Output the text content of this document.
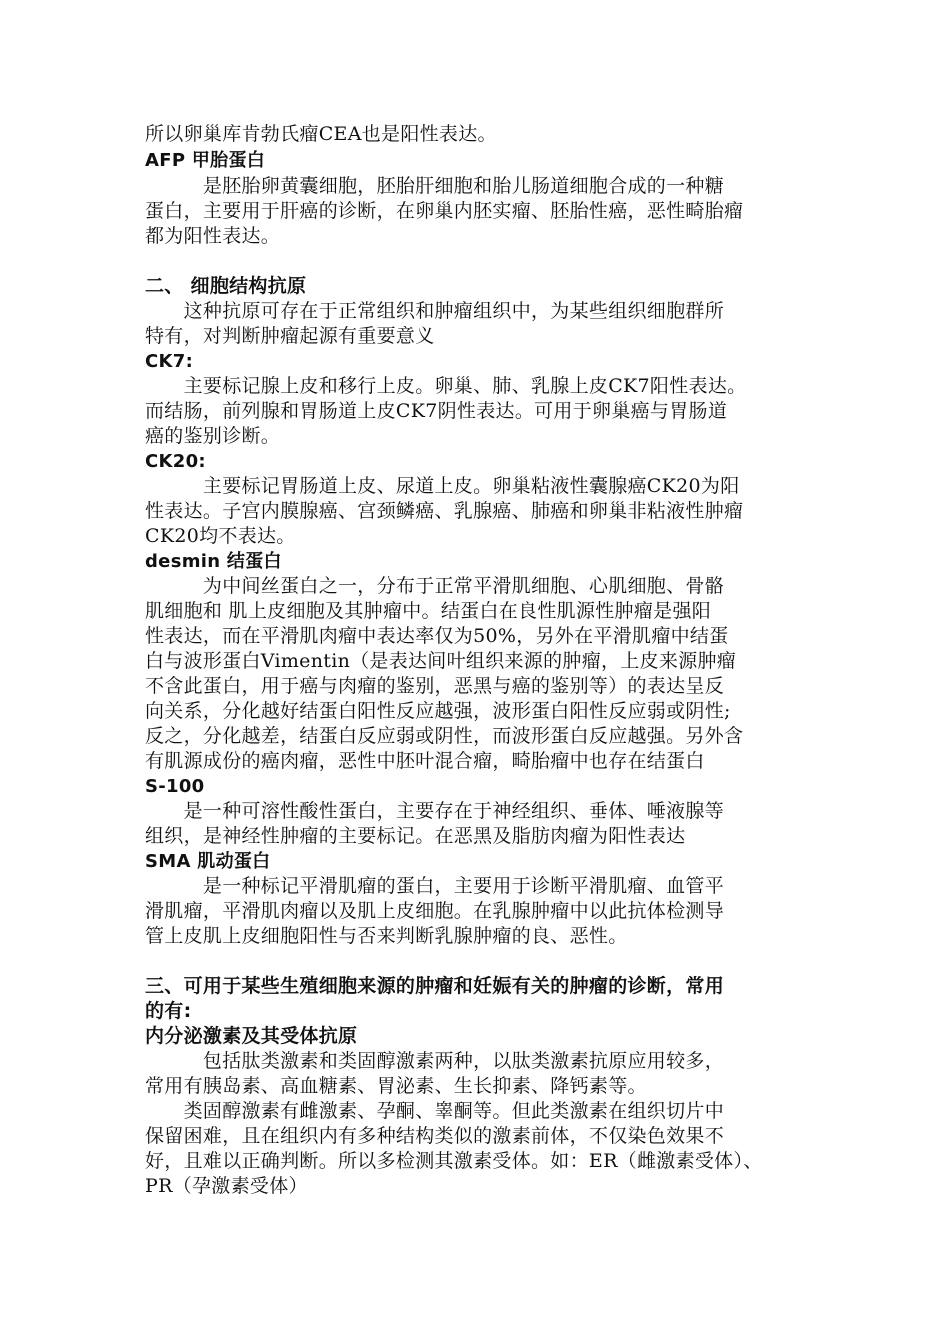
所以卵巢库肯勃氏瘤CEA也是阳性表达。
AFP 甲胎蛋白
　　　是胚胎卵黄囊细胞，胚胎肝细胞和胎儿肠道细胞合成的一种糖
蛋白，主要用于肝癌的诊断，在卵巢内胚实瘤、胚胎性癌，恶性畸胎瘤
都为阳性表达。
二、 细胞结构抗原
　　这种抗原可存在于正常组织和肿瘤组织中，为某些组织细胞群所
特有，对判断肿瘤起源有重要意义
CK7:
　　主要标记腺上皮和移行上皮。卵巢、肺、乳腺上皮CK7阳性表达。
而结肠，前列腺和胃肠道上皮CK7阴性表达。可用于卵巢癌与胃肠道
癌的鉴别诊断。
CK20:
　　　主要标记胃肠道上皮、尿道上皮。卵巢粘液性囊腺癌CK20为阳
性表达。子宫内膜腺癌、宫颈鳞癌、乳腺癌、肺癌和卵巢非粘液性肿瘤
CK20均不表达。
desmin 结蛋白
　　　为中间丝蛋白之一，分布于正常平滑肌细胞、心肌细胞、骨骼
肌细胞和 肌上皮细胞及其肿瘤中。结蛋白在良性肌源性肿瘤是强阳
性表达，而在平滑肌肉瘤中表达率仅为50%，另外在平滑肌瘤中结蛋
白与波形蛋白Vimentin（是表达间叶组织来源的肿瘤，上皮来源肿瘤
不含此蛋白，用于癌与肉瘤的鉴别，恶黑与癌的鉴别等）的表达呈反
向关系，分化越好结蛋白阳性反应越强，波形蛋白阳性反应弱或阴性;
反之，分化越差，结蛋白反应弱或阴性，而波形蛋白反应越强。另外含
有肌源成份的癌肉瘤，恶性中胚叶混合瘤，畸胎瘤中也存在结蛋白
S-100
　　是一种可溶性酸性蛋白，主要存在于神经组织、垂体、唾液腺等
组织，是神经性肿瘤的主要标记。在恶黑及脂肪肉瘤为阳性表达
SMA 肌动蛋白
　　　是一种标记平滑肌瘤的蛋白，主要用于诊断平滑肌瘤、血管平
滑肌瘤，平滑肌肉瘤以及肌上皮细胞。在乳腺肿瘤中以此抗体检测导
管上皮肌上皮细胞阳性与否来判断乳腺肿瘤的良、恶性。
三、可用于某些生殖细胞来源的肿瘤和妊娠有关的肿瘤的诊断，常用
的有:
内分泌激素及其受体抗原
　　　包括肽类激素和类固醇激素两种，以肽类激素抗原应用较多，
常用有胰岛素、高血糖素、胃泌素、生长抑素、降钙素等。
　　类固醇激素有雌激素、孕酮、睾酮等。但此类激素在组织切片中
保留困难，且在组织内有多种结构类似的激素前体，不仅染色效果不
好，且难以正确判断。所以多检测其激素受体。如：ER（雌激素受体）、
PR（孕激素受体）
